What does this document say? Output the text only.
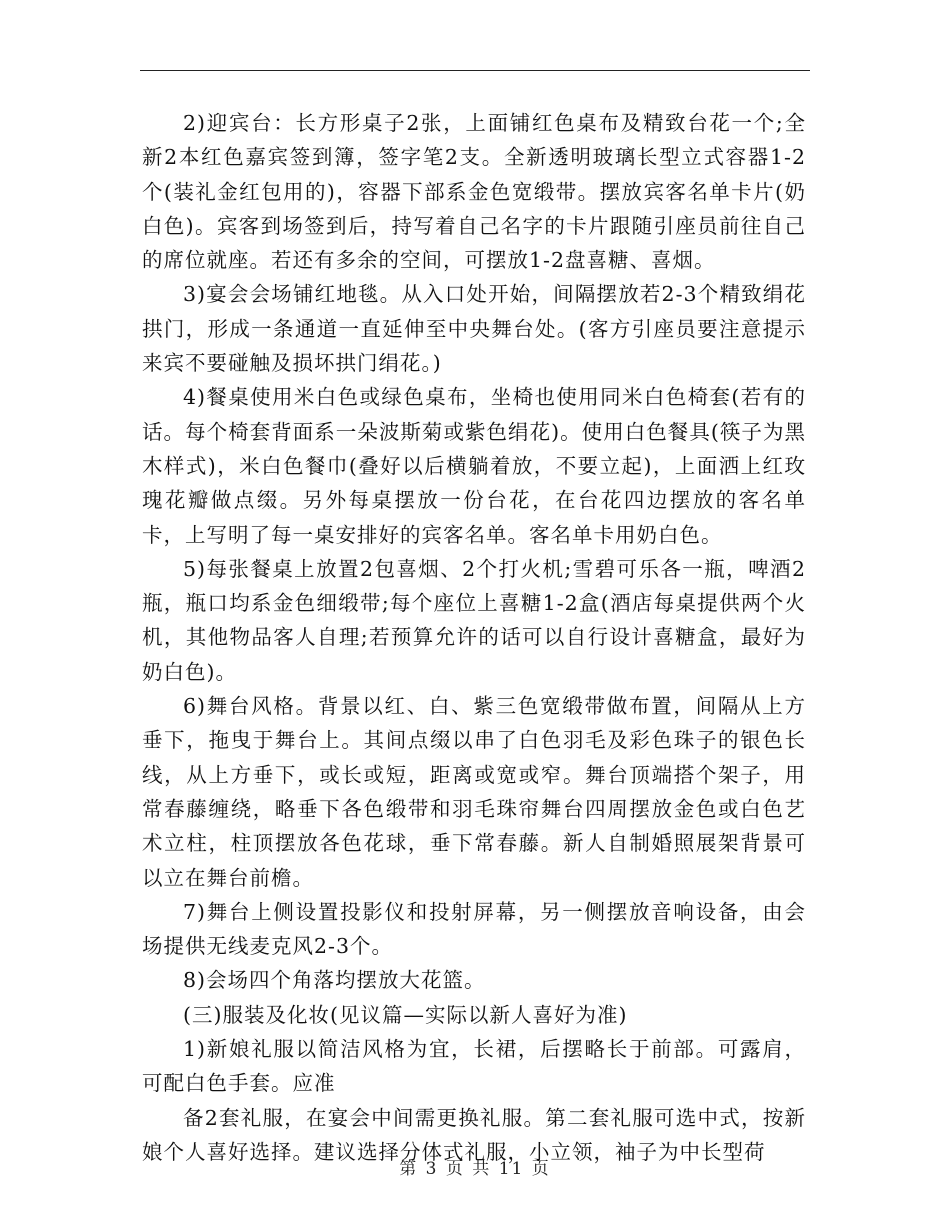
2)迎宾台：长方形桌子2张，上面铺红色桌布及精致台花一个;全新2本红色嘉宾签到簿，签字笔2支。全新透明玻璃长型立式容器1-2个(装礼金红包用的)，容器下部系金色宽缎带。摆放宾客名单卡片(奶白色)。宾客到场签到后，持写着自己名字的卡片跟随引座员前往自己的席位就座。若还有多余的空间，可摆放1-2盘喜糖、喜烟。

3)宴会会场铺红地毯。从入口处开始，间隔摆放若2-3个精致绢花拱门，形成一条通道一直延伸至中央舞台处。(客方引座员要注意提示来宾不要碰触及损坏拱门绢花。)

4)餐桌使用米白色或绿色桌布，坐椅也使用同米白色椅套(若有的话。每个椅套背面系一朵波斯菊或紫色绢花)。使用白色餐具(筷子为黑木样式)，米白色餐巾(叠好以后横躺着放，不要立起)，上面洒上红玫瑰花瓣做点缀。另外每桌摆放一份台花，在台花四边摆放的客名单卡，上写明了每一桌安排好的宾客名单。客名单卡用奶白色。

5)每张餐桌上放置2包喜烟、2个打火机;雪碧可乐各一瓶，啤酒2瓶，瓶口均系金色细缎带;每个座位上喜糖1-2盒(酒店每桌提供两个火机，其他物品客人自理;若预算允许的话可以自行设计喜糖盒，最好为奶白色)。

6)舞台风格。背景以红、白、紫三色宽缎带做布置，间隔从上方垂下，拖曳于舞台上。其间点缀以串了白色羽毛及彩色珠子的银色长线，从上方垂下，或长或短，距离或宽或窄。舞台顶端搭个架子，用常春藤缠绕，略垂下各色缎带和羽毛珠帘舞台四周摆放金色或白色艺术立柱，柱顶摆放各色花球，垂下常春藤。新人自制婚照展架背景可以立在舞台前檐。

7)舞台上侧设置投影仪和投射屏幕，另一侧摆放音响设备，由会场提供无线麦克风2-3个。

8)会场四个角落均摆放大花篮。

(三)服装及化妆(见议篇—实际以新人喜好为准)

1)新娘礼服以简洁风格为宜，长裙，后摆略长于前部。可露肩，可配白色手套。应准

备2套礼服，在宴会中间需更换礼服。第二套礼服可选中式，按新娘个人喜好选择。建议选择分体式礼服，小立领，袖子为中长型荷

第 3 页 共 11 页
